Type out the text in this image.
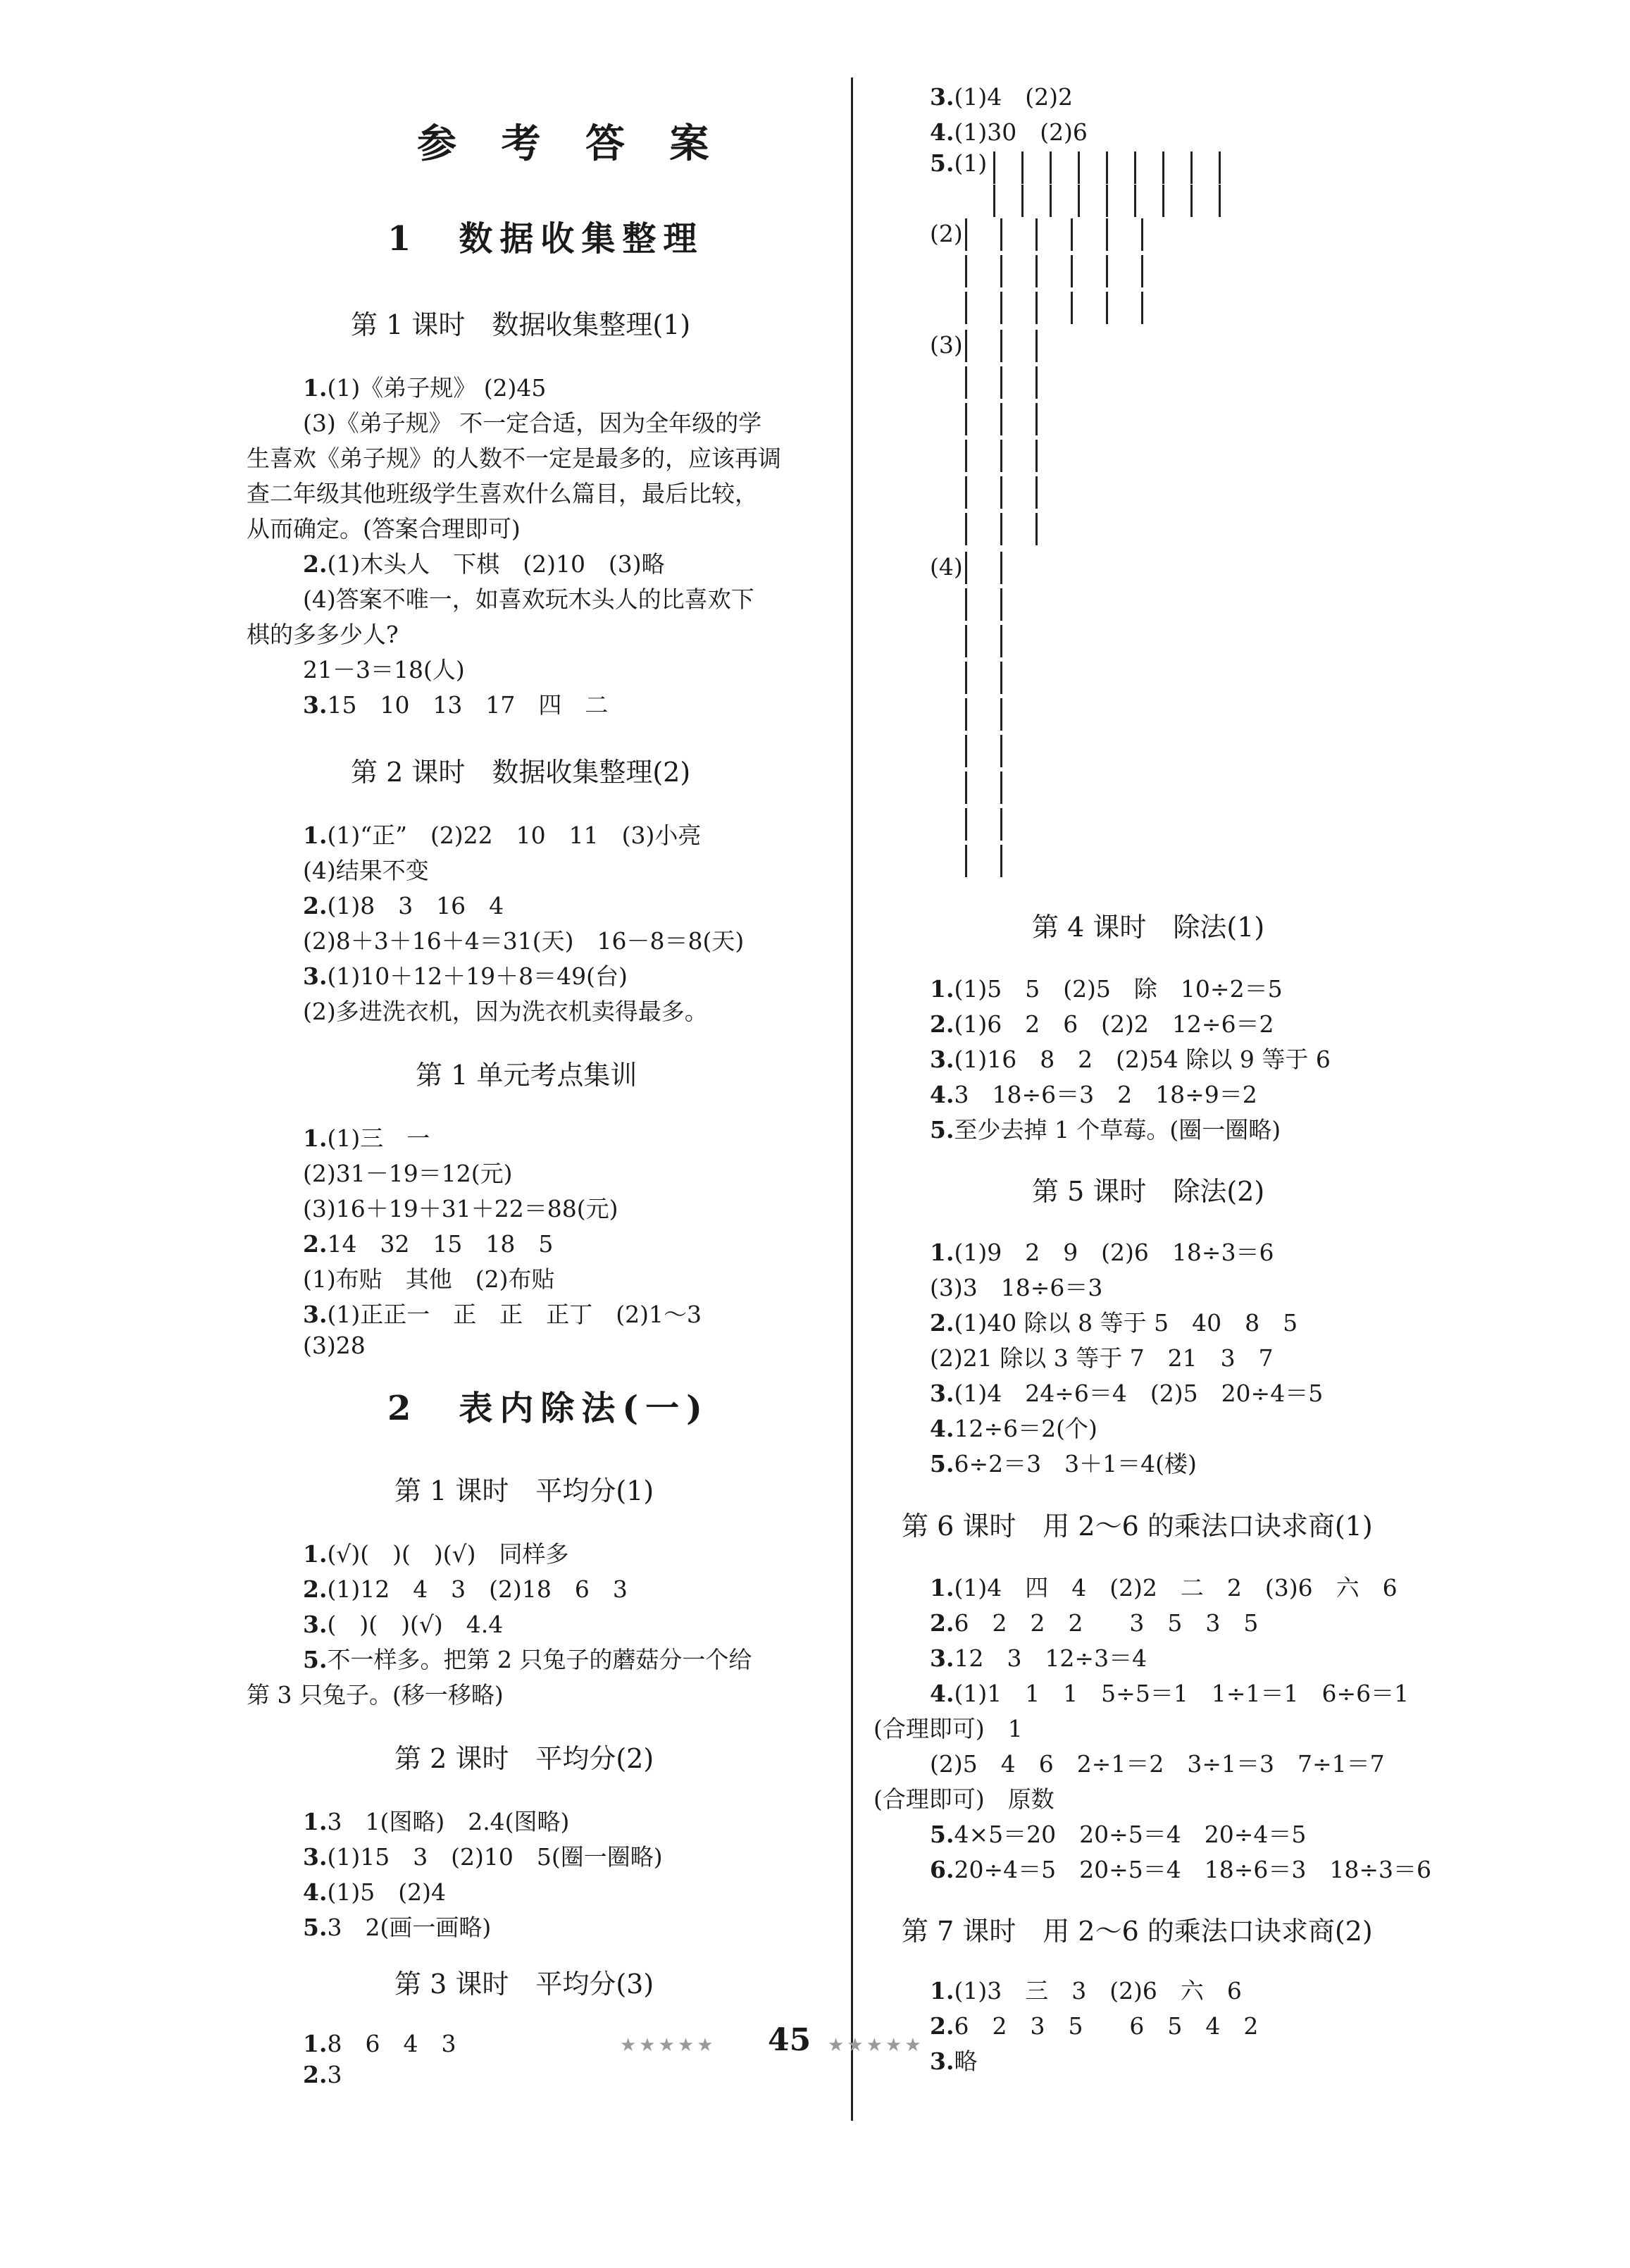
参 考 答 案
1　数据收集整理
第 1 课时　数据收集整理(1)
1.(1)《弟子规》 (2)45
(3)《弟子规》 不一定合适，因为全年级的学
生喜欢《弟子规》的人数不一定是最多的，应该再调
查二年级其他班级学生喜欢什么篇目，最后比较，
从而确定。(答案合理即可)
2.(1)木头人　下棋　(2)10　(3)略
(4)答案不唯一，如喜欢玩木头人的比喜欢下
棋的多多少人?
21－3＝18(人)
3.15　10　13　17　四　二
第 2 课时　数据收集整理(2)
1.(1)“正”　(2)22　10　11　(3)小亮
(4)结果不变
2.(1)8　3　16　4
(2)8＋3＋16＋4＝31(天)　16－8＝8(天)
3.(1)10＋12＋19＋8＝49(台)
(2)多进洗衣机，因为洗衣机卖得最多。
第 1 单元考点集训
1.(1)三　一
(2)31－19＝12(元)
(3)16＋19＋31＋22＝88(元)
2.14　32　15　18　5
(1)布贴　其他　(2)布贴
3.(1)正正一　正　正　正丁　(2)1～3
(3)28
2　表内除法(一)
第 1 课时　平均分(1)
1.(√)(　)(　)(√)　同样多
2.(1)12　4　3　(2)18　6　3
3.(　)(　)(√)　4.4
5.不一样多。把第 2 只兔子的蘑菇分一个给
第 3 只兔子。(移一移略)
第 2 课时　平均分(2)
1.3　1(图略)　2.4(图略)
3.(1)15　3　(2)10　5(圈一圈略)
4.(1)5　(2)4
5.3　2(画一画略)
第 3 课时　平均分(3)
1.8　6　4　3
2.3
3.(1)4　(2)2
4.(1)30　(2)6
5.(1)
(2)
(3)
(4)
第 4 课时　除法(1)
1.(1)5　5　(2)5　除　10÷2＝5
2.(1)6　2　6　(2)2　12÷6＝2
3.(1)16　8　2　(2)54 除以 9 等于 6
4.3　18÷6＝3　2　18÷9＝2
5.至少去掉 1 个草莓。(圈一圈略)
第 5 课时　除法(2)
1.(1)9　2　9　(2)6　18÷3＝6
(3)3　18÷6＝3
2.(1)40 除以 8 等于 5　40　8　5
(2)21 除以 3 等于 7　21　3　7
3.(1)4　24÷6＝4　(2)5　20÷4＝5
4.12÷6＝2(个)
5.6÷2＝3　3＋1＝4(楼)
第 6 课时　用 2～6 的乘法口诀求商(1)
1.(1)4　四　4　(2)2　二　2　(3)6　六　6
2.6　2　2　2　　3　5　3　5
3.12　3　12÷3＝4
4.(1)1　1　1　5÷5＝1　1÷1＝1　6÷6＝1
(合理即可)　1
(2)5　4　6　2÷1＝2　3÷1＝3　7÷1＝7
(合理即可)　原数
5.4×5＝20　20÷5＝4　20÷4＝5
6.20÷4＝5　20÷5＝4　18÷6＝3　18÷3＝6
第 7 课时　用 2～6 的乘法口诀求商(2)
1.(1)3　三　3　(2)6　六　6
2.6　2　3　5　　6　5　4　2
3.略
★★★★★ 45 ★★★★★
